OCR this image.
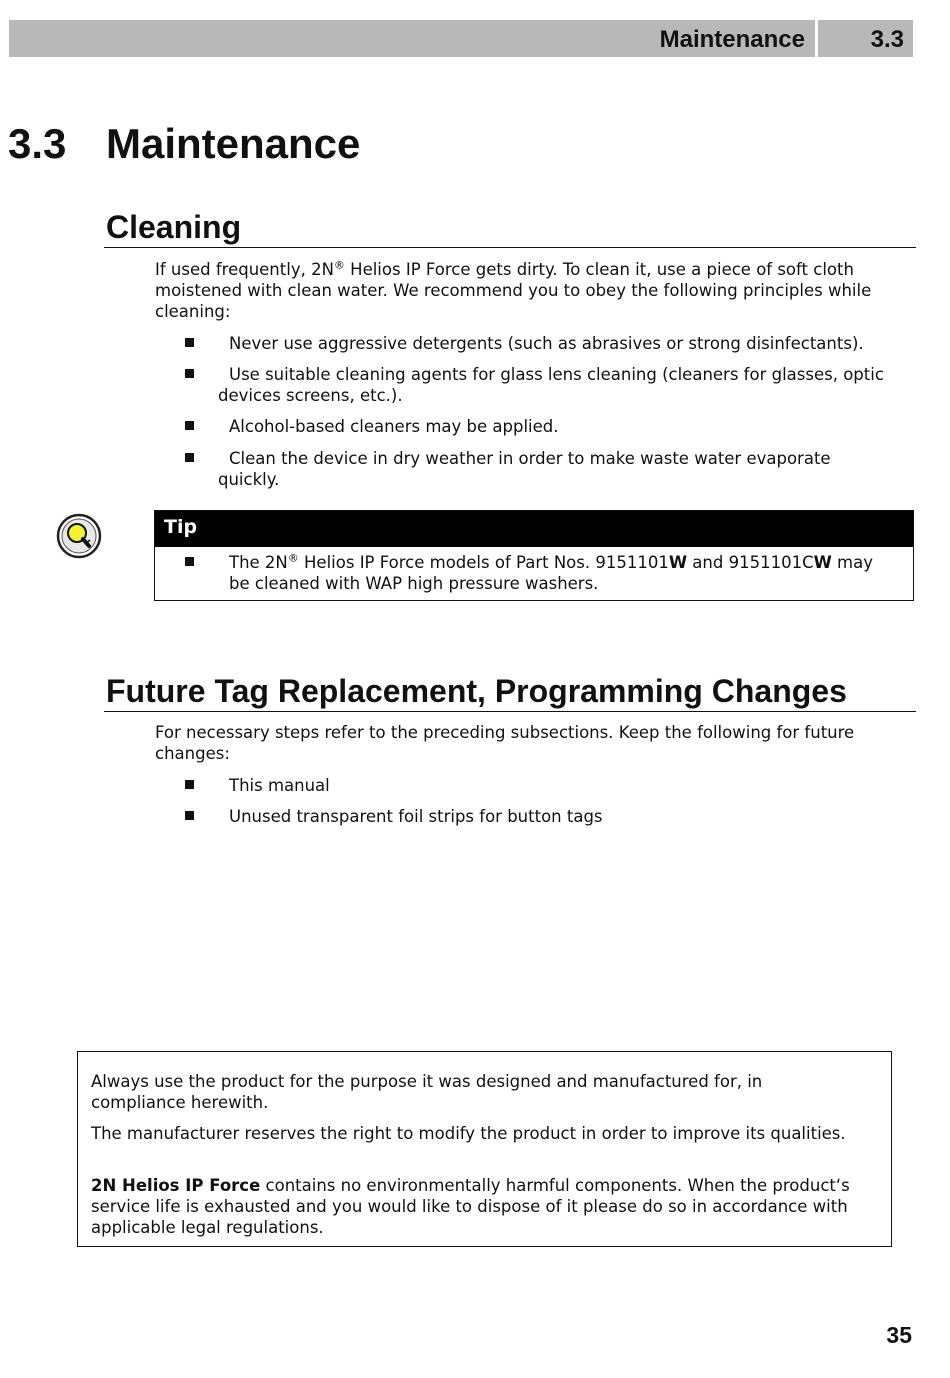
Maintenance	3.3
3.3 Maintenance
Cleaning

If used frequently, 2N® Helios IP Force gets dirty. To clean it, use a piece of soft cloth moistened with clean water. We recommend you to obey the following principles while cleaning:

Never use aggressive detergents (such as abrasives or strong disinfectants).
Use suitable cleaning agents for glass lens cleaning (cleaners for glasses, optic devices screens, etc.).
Alcohol-based cleaners may be applied.
Clean the device in dry weather in order to make waste water evaporate quickly.
Tip
The 2N® Helios IP Force models of Part Nos. 9151101W and 9151101CW may be cleaned with WAP high pressure washers.
Future Tag Replacement, Programming Changes

For necessary steps refer to the preceding subsections. Keep the following for future changes:

This manual
Unused transparent foil strips for button tags

Always use the product for the purpose it was designed and manufactured for, in compliance herewith.

The manufacturer reserves the right to modify the product in order to improve its qualities.

2N Helios IP Force contains no environmentally harmful components. When the product‘s service life is exhausted and you would like to dispose of it please do so in accordance with applicable legal regulations.

35
